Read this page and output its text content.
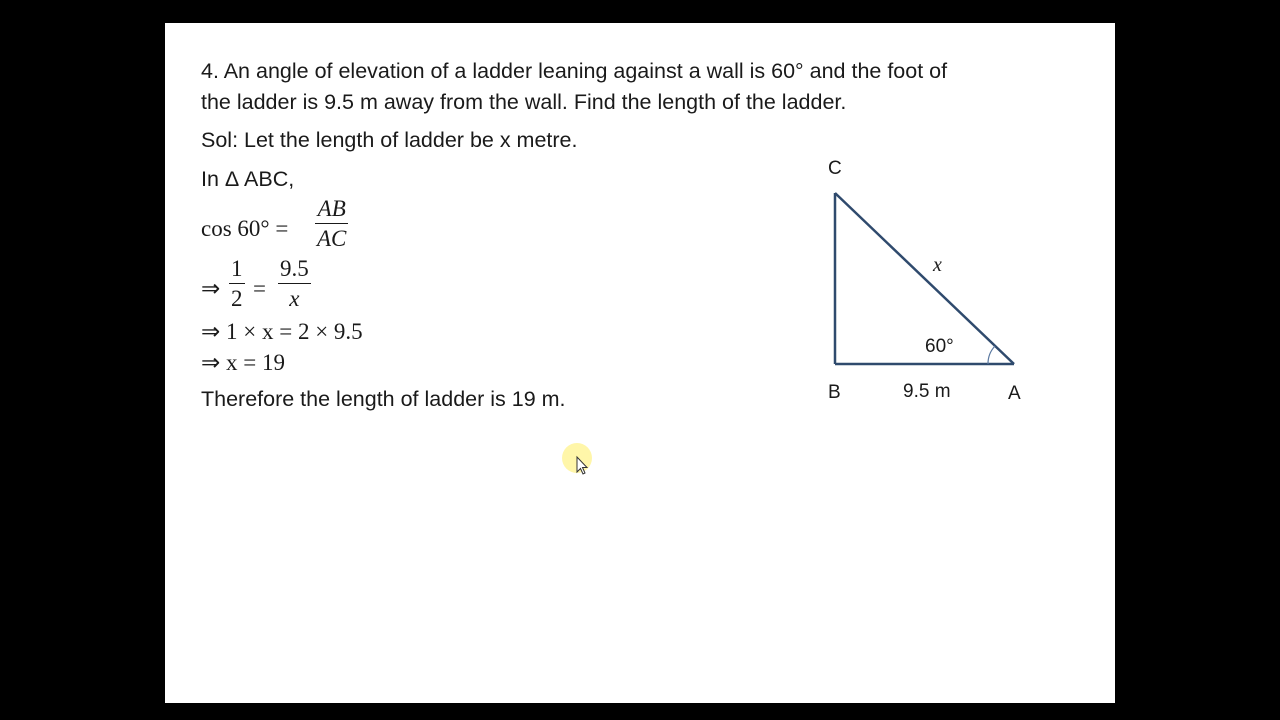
4. An angle of elevation of a ladder leaning against a wall is 60° and the foot of
the ladder is 9.5 m away from the wall. Find the length of the ladder.
Sol: Let the length of ladder be x metre.
In Δ ABC,
cos 60° =
AB
AC
⇒
1
2 =
9.5
x
⇒ 1 × x = 2 × 9.5
⇒ x = 19
Therefore the length of ladder is 19 m.
C
B	A
x
60°
9.5 m
